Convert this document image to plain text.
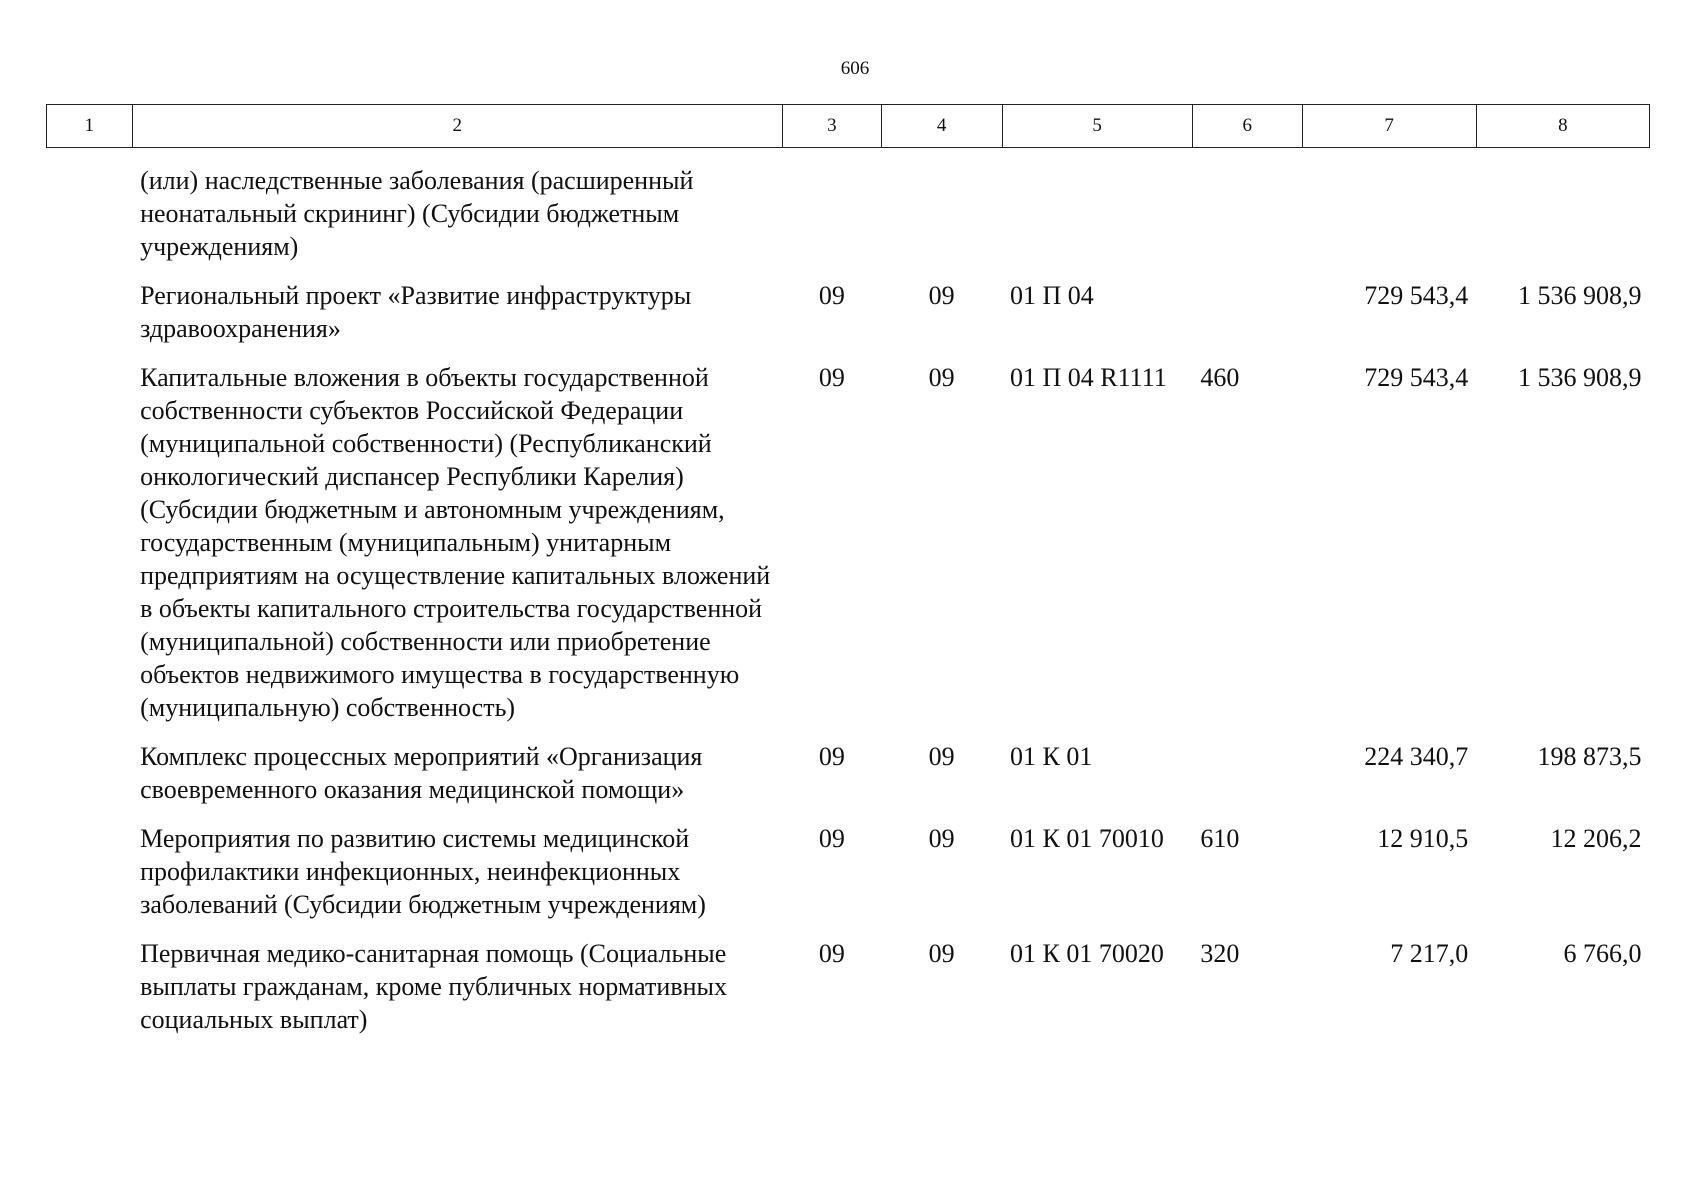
606
1	2	3	4	5	6	7	8
	(или) наследственные заболевания (расширенный неонатальный скрининг) (Субсидии бюджетным учреждениям)						
	Региональный проект «Развитие инфраструктуры здравоохранения»	09	09	01 П 04		729 543,4	1 536 908,9
	Капитальные вложения в объекты государственной собственности субъектов Российской Федерации (муниципальной собственности) (Республиканский онкологический диспансер Республики Карелия) (Субсидии бюджетным и автономным учреждениям, государственным (муниципальным) унитарным предприятиям на осуществление капитальных вложений в объекты капитального строительства государственной (муниципальной) собственности или приобретение объектов недвижимого имущества в государственную (муниципальную) собственность)	09	09	01 П 04 R1111	460	729 543,4	1 536 908,9
	Комплекс процессных мероприятий «Организация своевременного оказания медицинской помощи»	09	09	01 К 01		224 340,7	198 873,5
	Мероприятия по развитию системы медицинской профилактики инфекционных, неинфекционных заболеваний (Субсидии бюджетным учреждениям)	09	09	01 К 01 70010	610	12 910,5	12 206,2
	Первичная медико-санитарная помощь (Социальные выплаты гражданам, кроме публичных нормативных социальных выплат)	09	09	01 К 01 70020	320	7 217,0	6 766,0
